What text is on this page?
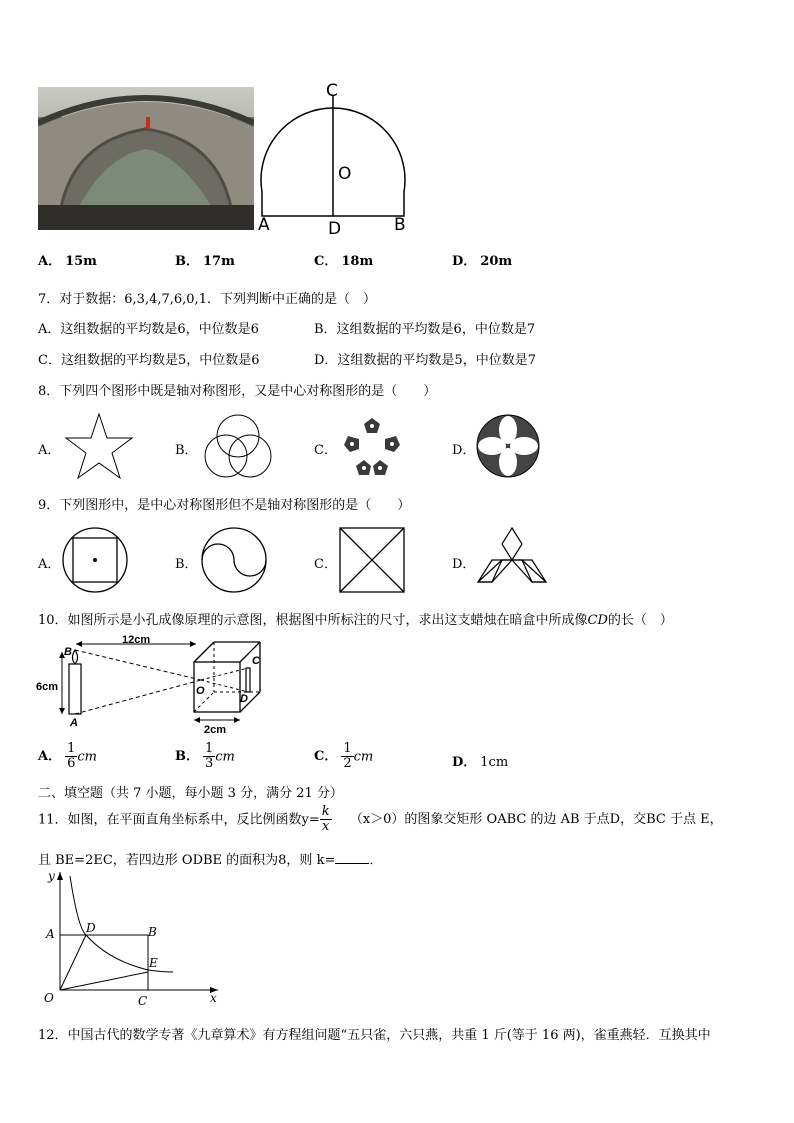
C
O
A	D	B
A． 15m	B． 17m	C． 18m	D． 20m
7．对于数据：6,3,4,7,6,0,1．下列判断中正确的是（　）
A．这组数据的平均数是6，中位数是6	B．这组数据的平均数是6，中位数是7
C．这组数据的平均数是5，中位数是6	D．这组数据的平均数是5，中位数是7
8．下列四个图形中既是轴对称图形，又是中心对称图形的是（　　）
A．	B．	C．	D．
9．下列图形中，是中心对称图形但不是轴对称图形的是（　　）
A．	B．	C．	D．
10．如图所示是小孔成像原理的示意图，根据图中所标注的尺寸，求出这支蜡烛在暗盒中所成像CD的长（　）
12cm
6cm
B
A
C
D
O
2cm
A． $\frac{1}{6}$ cm	B． $\frac{1}{3}$ cm	C． $\frac{1}{2}$ cm	D． 1cm
二、填空题（共 7 小题，每小题 3 分，满分 21 分）
11．如图，在平面直角坐标系中，反比例函数$y= \frac{k}{x} (x>0)$的图象交矩形 OABC 的边 AB 于点D，交BC 于点 E，
且 BE=2EC，若四边形 ODBE 的面积为8，则 k=	．
y
x
A	D	B
E
O	C
12．中国古代的数学专著《九章算术》有方程组问题“五只雀，六只燕，共重 1 斤(等于 16 两)，雀重燕轻．互换其中
